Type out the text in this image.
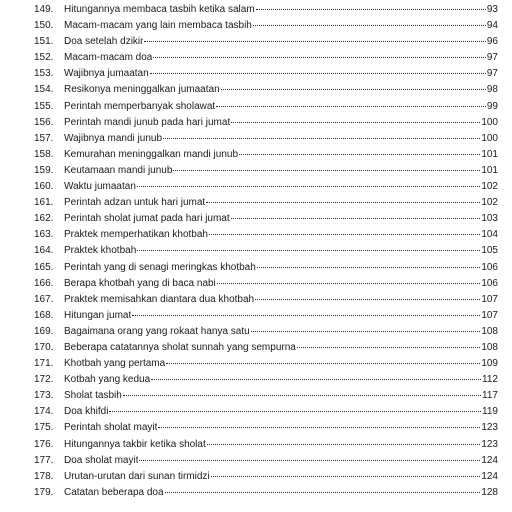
149.	Hitungannya membaca tasbih ketika salam	93
150.	Macam-macam yang lain membaca tasbih	94
151.	Doa setelah dzikir	96
152.	Macam-macam doa	97
153.	Wajibnya jumaatan	97
154.	Resikonya meninggalkan jumaatan	98
155.	Perintah memperbanyak sholawat	99
156.	Perintah mandi junub pada hari jumat	100
157.	Wajibnya mandi junub	100
158.	Kemurahan meninggalkan mandi junub	101
159.	Keutamaan mandi junub	101
160.	Waktu jumaatan	102
161.	Perintah adzan untuk hari jumat	102
162.	Perintah sholat jumat pada hari jumat	103
163.	Praktek memperhatikan khotbah	104
164.	Praktek khotbah	105
165.	Perintah yang di senagi meringkas khotbah	106
166.	Berapa khotbah yang di baca nabi	106
167.	Praktek memisahkan diantara dua khotbah	107
168.	Hitungan jumat	107
169.	Bagaimana orang yang rokaat hanya satu	108
170.	Beberapa catatannya sholat sunnah yang sempurna	108
171.	Khotbah yang pertama	109
172.	Kotbah yang kedua	112
173.	Sholat tasbih	117
174.	Doa khifdi	119
175.	Perintah sholat mayit	123
176.	Hitungannya takbir ketika sholat	123
177.	Doa sholat mayit	124
178.	Urutan-urutan dari sunan tirmidzi	124
179.	Catatan beberapa doa	128
